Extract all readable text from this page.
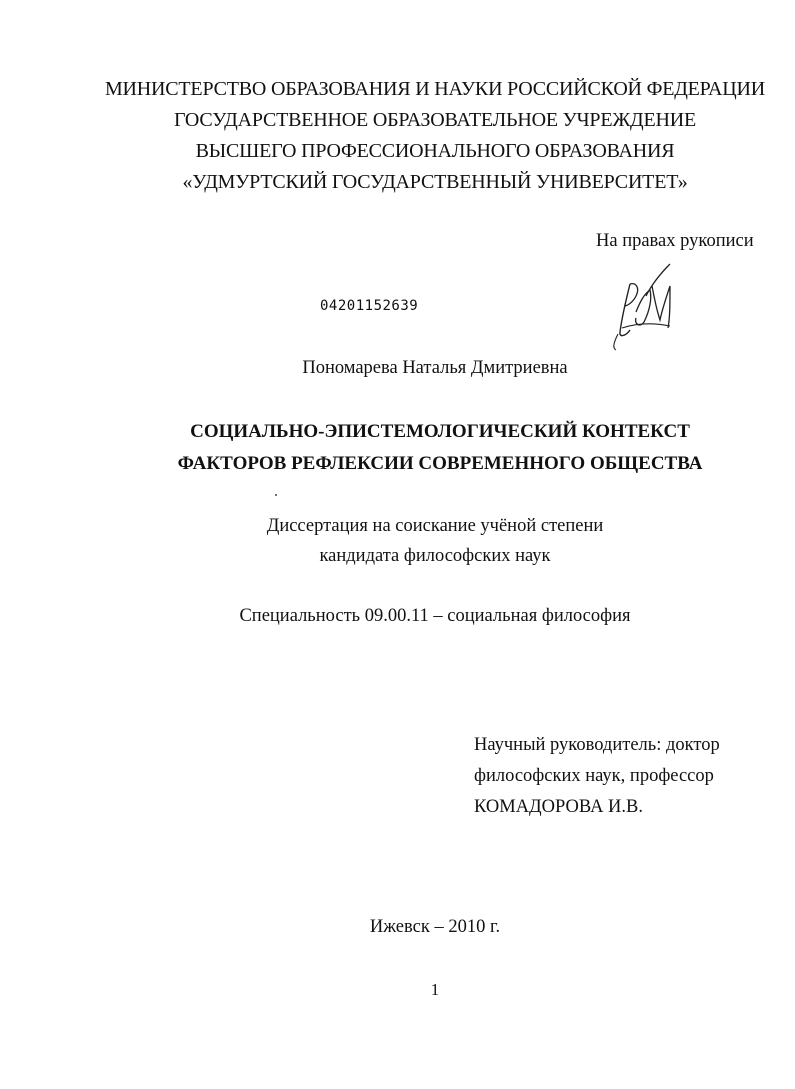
МИНИСТЕРСТВО ОБРАЗОВАНИЯ И НАУКИ РОССИЙСКОЙ ФЕДЕРАЦИИ
ГОСУДАРСТВЕННОЕ ОБРАЗОВАТЕЛЬНОЕ УЧРЕЖДЕНИЕ
ВЫСШЕГО ПРОФЕССИОНАЛЬНОГО ОБРАЗОВАНИЯ
«УДМУРТСКИЙ ГОСУДАРСТВЕННЫЙ УНИВЕРСИТЕТ»
На правах рукописи
04201152639
Пономарева Наталья Дмитриевна
СОЦИАЛЬНО-ЭПИСТЕМОЛОГИЧЕСКИЙ КОНТЕКСТ
ФАКТОРОВ РЕФЛЕКСИИ СОВРЕМЕННОГО ОБЩЕСТВА
Диссертация на соискание учёной степени
кандидата философских наук
Специальность 09.00.11 – социальная философия
Научный руководитель: доктор
философских наук, профессор
КОМАДОРОВА И.В.
Ижевск – 2010 г.
1
